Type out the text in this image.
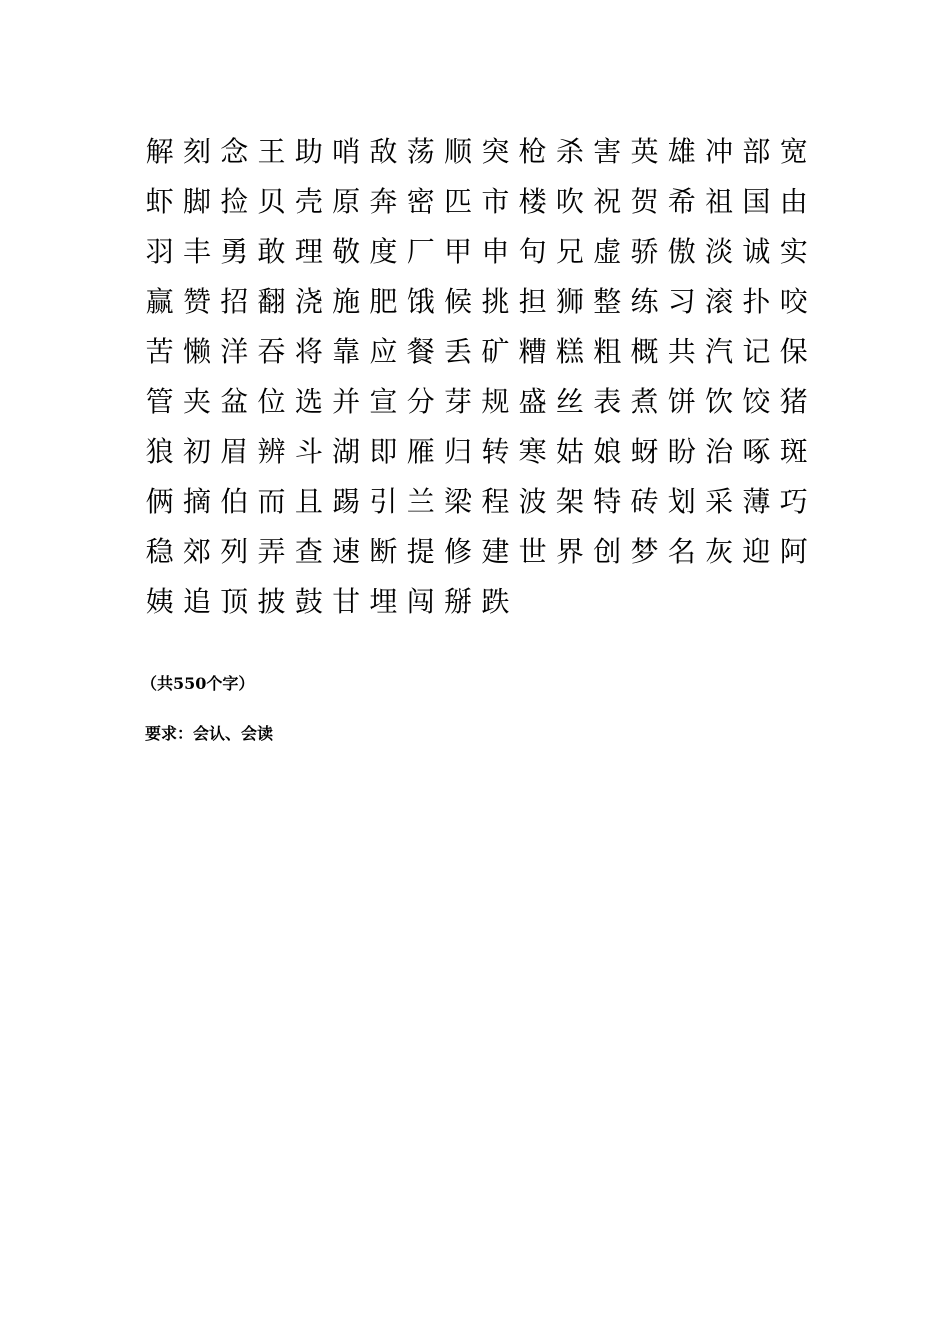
解 刻 念 王 助 哨 敌 荡 顺 突 枪 杀 害 英 雄 冲 部 宽
虾 脚 捡 贝 壳 原 奔 密 匹 市 楼 吹 祝 贺 希 祖 国 由
羽 丰 勇 敢 理 敬 度 厂 甲 申 句 兄 虚 骄 傲 淡 诚 实
赢 赞 招 翻 浇 施 肥 饿 候 挑 担 狮 整 练 习 滚 扑 咬
苦 懒 洋 吞 将 靠 应 餐 丢 矿 糟 糕 粗 概 共 汽 记 保
管 夹 盆 位 选 并 宣 分 芽 规 盛 丝 表 煮 饼 饮 饺 猪
狼 初 眉 辨 斗 湖 即 雁 归 转 寒 姑 娘 蚜 盼 治 啄 斑
俩 摘 伯 而 且 踢 引 兰 梁 程 波 架 特 砖 划 采 薄 巧
稳 郊 列 弄 查 速 断 提 修 建 世 界 创 梦 名 灰 迎 阿
姨 追 顶 披 鼓 甘 埋 闯 掰 跌
（共550个字）
要求：会认、会读
